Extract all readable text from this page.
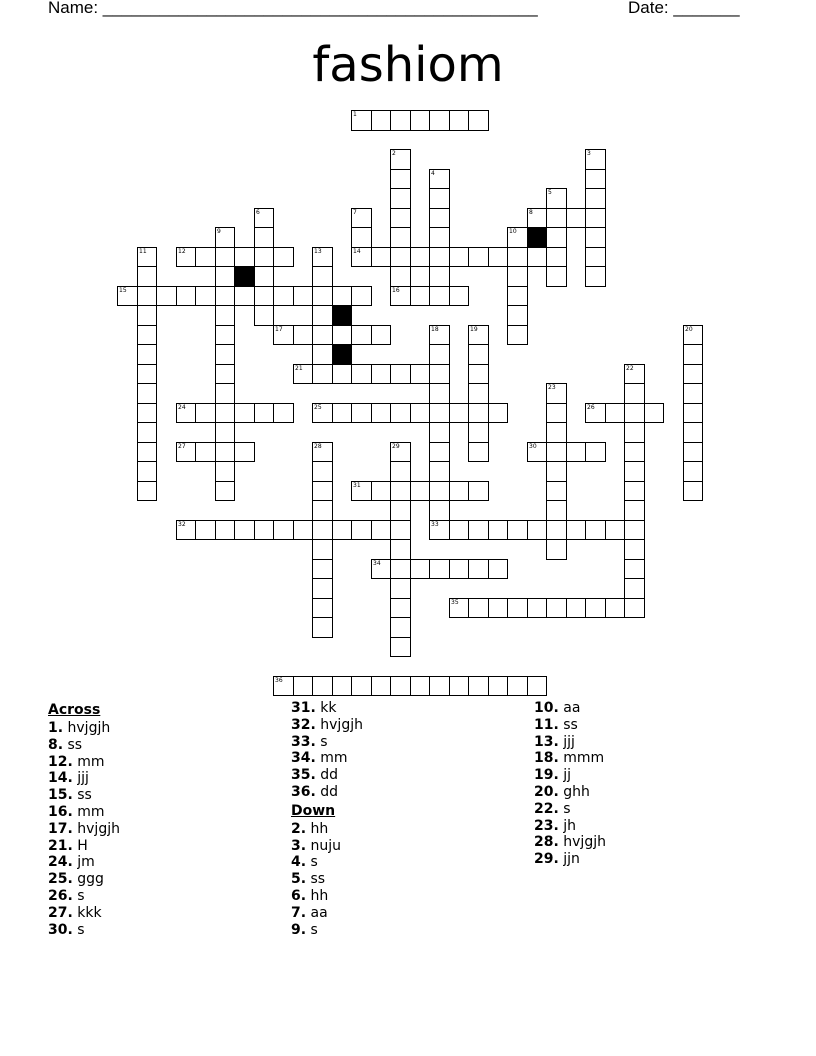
Name: ______________________________________________	Date: _______
fashiom
1
2	3
4
5
6	7
14
8
9	10
11	12	13
15	16
17	18	19	20
21	22
23
24	25	26
27	28	29	30
31
32	33
34
35
36
Across
1. hvjgjh
8. ss
12. mm
14. jjj
15. ss
16. mm
17. hvjgjh
21. H
24. jm
25. ggg
26. s
27. kkk
30. s
31. kk
32. hvjgjh
33. s
34. mm
35. dd
36. dd
Down
2. hh
3. nuju
4. s
5. ss
6. hh
7. aa
9. s
10. aa
11. ss
13. jjj
18. mmm
19. jj
20. ghh
22. s
23. jh
28. hvjgjh
29. jjn
